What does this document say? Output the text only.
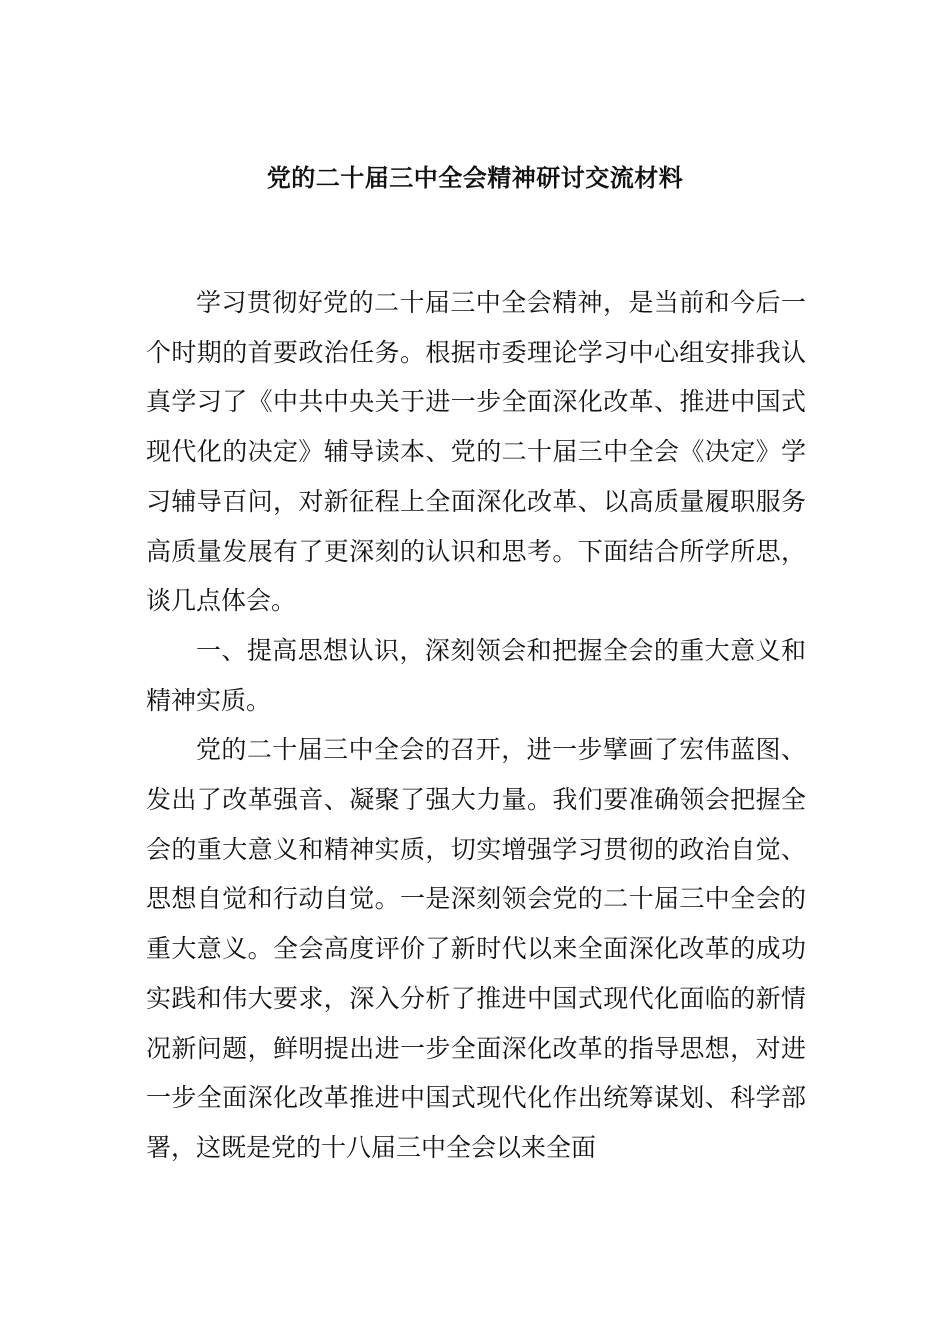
党的二十届三中全会精神研讨交流材料

学习贯彻好党的二十届三中全会精神，是当前和今后一个时期的首要政治任务。根据市委理论学习中心组安排我认真学习了《中共中央关于进一步全面深化改革、推进中国式现代化的决定》辅导读本、党的二十届三中全会《决定》学习辅导百问，对新征程上全面深化改革、以高质量履职服务高质量发展有了更深刻的认识和思考。下面结合所学所思，谈几点体会。

一、提高思想认识，深刻领会和把握全会的重大意义和精神实质。

党的二十届三中全会的召开，进一步擘画了宏伟蓝图、发出了改革强音、凝聚了强大力量。我们要准确领会把握全会的重大意义和精神实质，切实增强学习贯彻的政治自觉、思想自觉和行动自觉。一是深刻领会党的二十届三中全会的重大意义。全会高度评价了新时代以来全面深化改革的成功实践和伟大要求，深入分析了推进中国式现代化面临的新情况新问题，鲜明提出进一步全面深化改革的指导思想，对进一步全面深化改革推进中国式现代化作出统筹谋划、科学部署，这既是党的十八届三中全会以来全面
